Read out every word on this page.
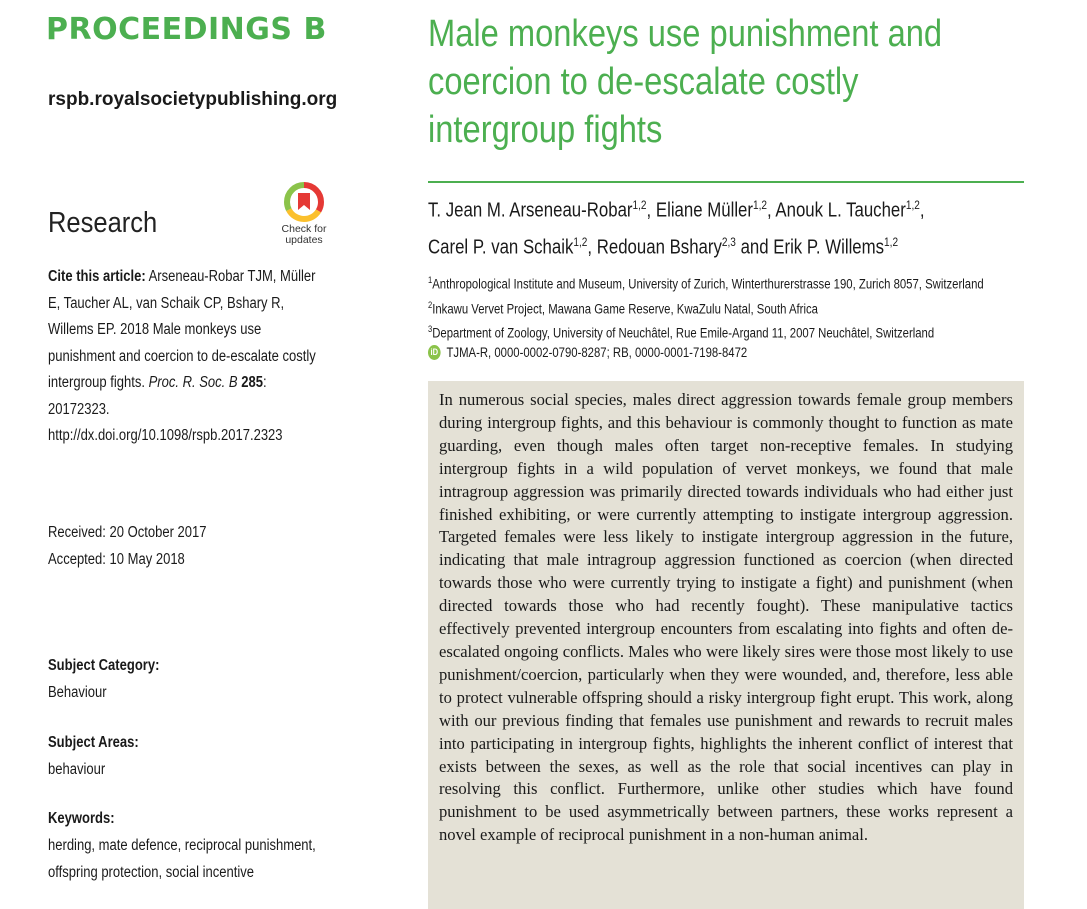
PROCEEDINGS B
rspb.royalsocietypublishing.org
Research	Check for
updates
Cite this article: Arseneau-Robar TJM, Müller
E, Taucher AL, van Schaik CP, Bshary R,
Willems EP. 2018 Male monkeys use
punishment and coercion to de-escalate costly
intergroup fights. Proc. R. Soc. B 285:
20172323.

http://dx.doi.org/10.1098/rspb.2017.2323
Received: 20 October 2017
Accepted: 10 May 2018
Subject Category:
Behaviour
Subject Areas:
behaviour
Keywords:
herding, mate defence, reciprocal punishment,
offspring protection, social incentive
Male monkeys use punishment and coercion to de-escalate costly intergroup fights
T. Jean M. Arseneau-Robar$^{1,2}$, Eliane Müller$^{1,2}$, Anouk L. Taucher$^{1,2}$,
Carel P. van Schaik$^{1,2}$, Redouan Bshary$^{2,3}$ and Erik P. Willems$^{1,2}$
$^1$Anthropological Institute and Museum, University of Zurich, Winterthurerstrasse 190, Zurich 8057, Switzerland
$^2$Inkawu Vervet Project, Mawana Game Reserve, KwaZulu Natal, South Africa
$^3$Department of Zoology, University of Neuchâtel, Rue Emile-Argand 11, 2007 Neuchâtel, Switzerland
iD TJMA-R, 0000-0002-0790-8287; RB, 0000-0001-7198-8472

In numerous social species, males direct aggression towards female group members during intergroup fights, and this behaviour is commonly thought to function as mate guarding, even though males often target non-receptive females. In studying intergroup fights in a wild population of vervet monkeys, we found that male intragroup aggression was primarily directed towards individuals who had either just finished exhibiting, or were currently attempting to instigate intergroup aggression. Targeted females were less likely to instigate intergroup aggression in the future, indicating that male intragroup aggression functioned as coercion (when directed towards those who were currently trying to instigate a fight) and punishment (when directed towards those who had recently fought). These manipulative tactics effectively prevented intergroup encounters from escalating into fights and often de-escalated ongoing conflicts. Males who were likely sires were those most likely to use punishment/coercion, particularly when they were wounded, and, therefore, less able to protect vulnerable offspring should a risky intergroup fight erupt. This work, along with our previous finding that females use punishment and rewards to recruit males into participating in intergroup fights, highlights the inherent conflict of interest that exists between the sexes, as well as the role that social incentives can play in resolving this conflict. Furthermore, unlike other studies which have found punishment to be used asymmetrically between partners, these works represent a novel example of reciprocal punishment in a non-human animal.
